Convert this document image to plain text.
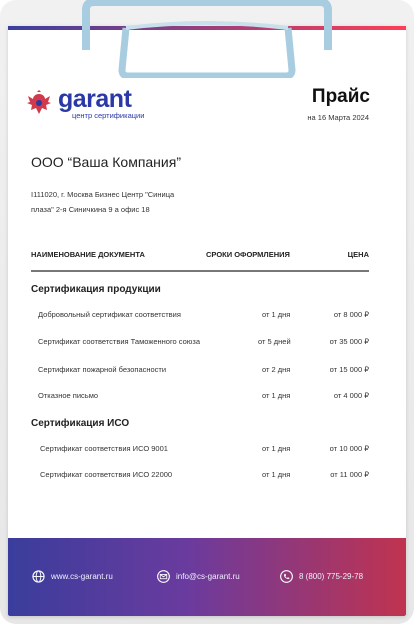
garant
центр сертификации
Прайс
на 16 Марта 2024
ООО “Ваша Компания”
I111020, г. Москва Бизнес Центр "Синица
плаза" 2-я Синичкина 9 а офис 18
НАИМЕНОВАНИЕ ДОКУМЕНТА	СРОКИ ОФОРМЛЕНИЯ	ЦЕНА
Сертификация продукции
Добровольный сертификат соответствия	от 1 дня	от 8 000 ₽
Сертификат соответствия Таможенного союза	от 5 дней	от 35 000 ₽
Сертификат пожарной безопасности	от 2 дня	от 15 000 ₽
Отказное письмо	от 1 дня	от 4 000 ₽
Сертификация ИСО
Сертификат соответствия ИСО 9001	от 1 дня	от 10 000 ₽
Сертификат соответствия ИСО 22000	от 1 дня	от 11 000 ₽
www.cs-garant.ru	info@cs-garant.ru	8 (800) 775-29-78
